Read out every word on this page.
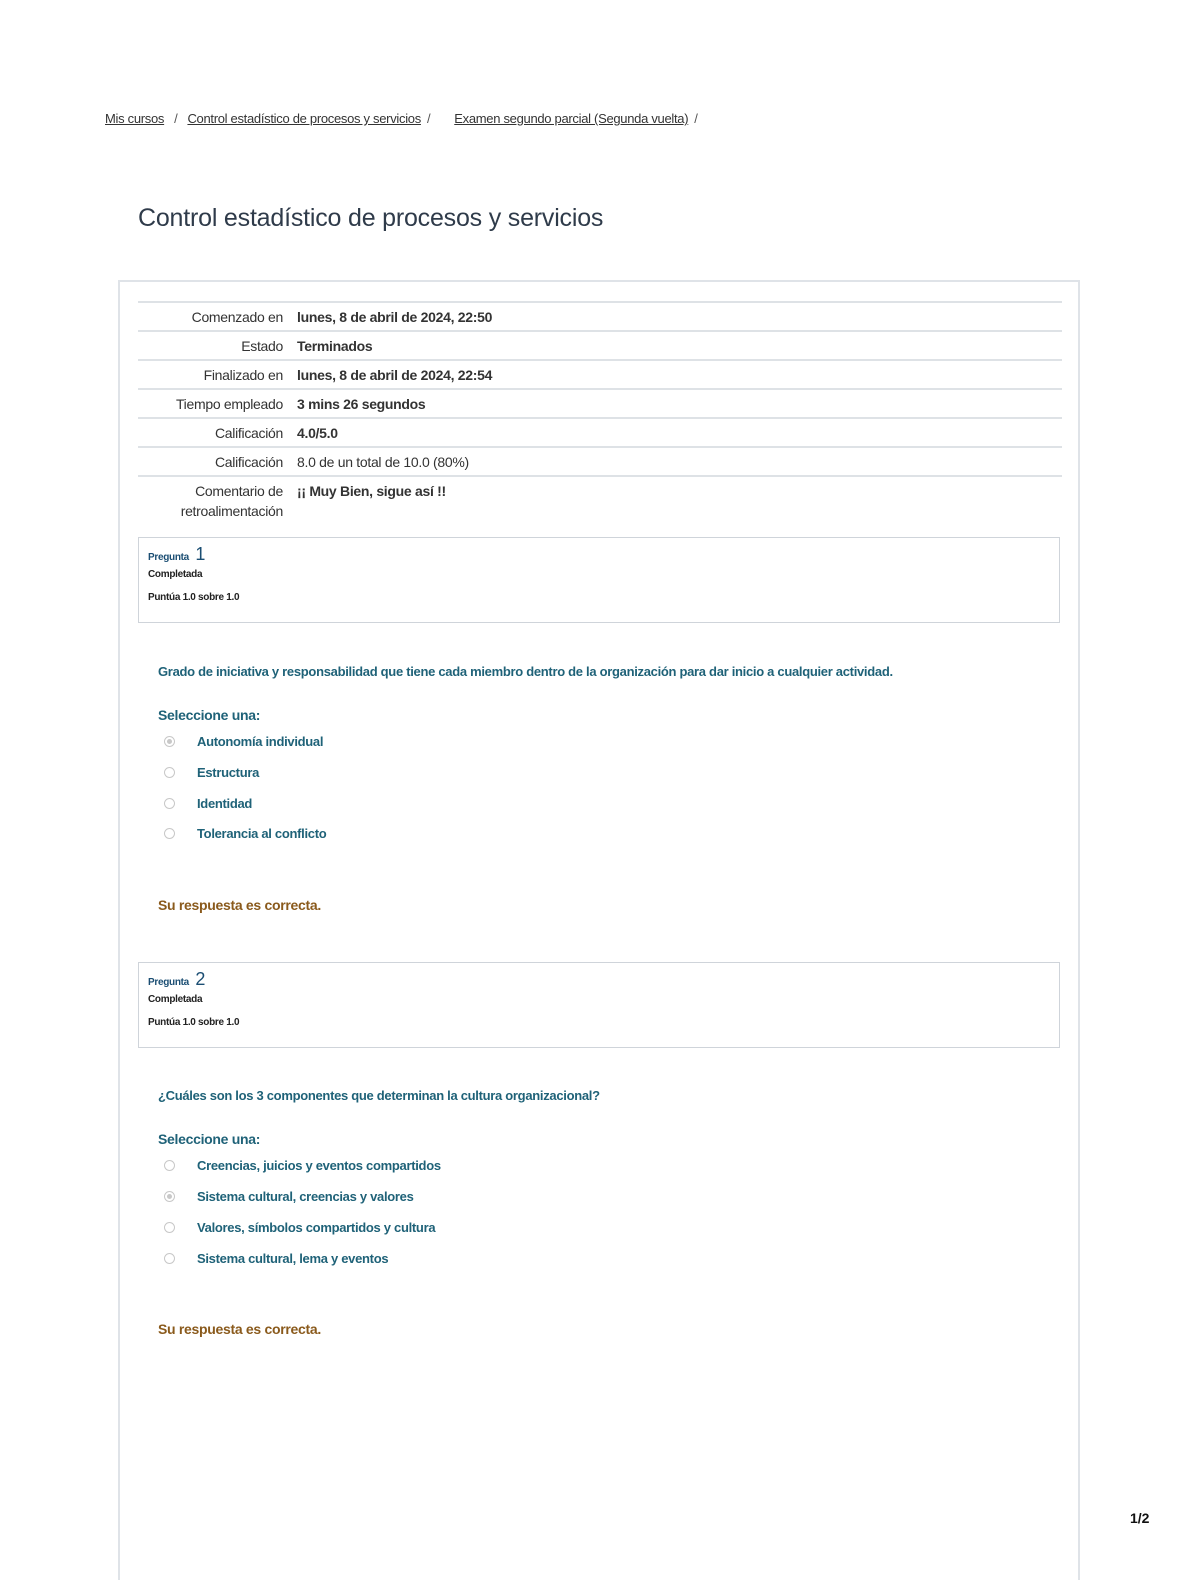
Mis cursos / Control estadístico de procesos y servicios / Examen segundo parcial (Segunda vuelta) /
Control estadístico de procesos y servicios
Comenzado en	lunes, 8 de abril de 2024, 22:50
Estado	Terminados
Finalizado en	lunes, 8 de abril de 2024, 22:54
Tiempo empleado	3 mins 26 segundos
Calificación	4.0/5.0
Calificación	8.0 de un total de 10.0 (80%)
Comentario de retroalimentación	¡¡ Muy Bien, sigue así !!
Pregunta 1
Completada
Puntúa 1.0 sobre 1.0
Grado de iniciativa y responsabilidad que tiene cada miembro dentro de la organización para dar inicio a cualquier actividad.
Seleccione una:
Autonomía individual
Estructura
Identidad
Tolerancia al conflicto
Su respuesta es correcta.
Pregunta 2
Completada
Puntúa 1.0 sobre 1.0
¿Cuáles son los 3 componentes que determinan la cultura organizacional?
Seleccione una:
Creencias, juicios y eventos compartidos
Sistema cultural, creencias y valores
Valores, símbolos compartidos y cultura
Sistema cultural, lema y eventos
Su respuesta es correcta.
1/2
